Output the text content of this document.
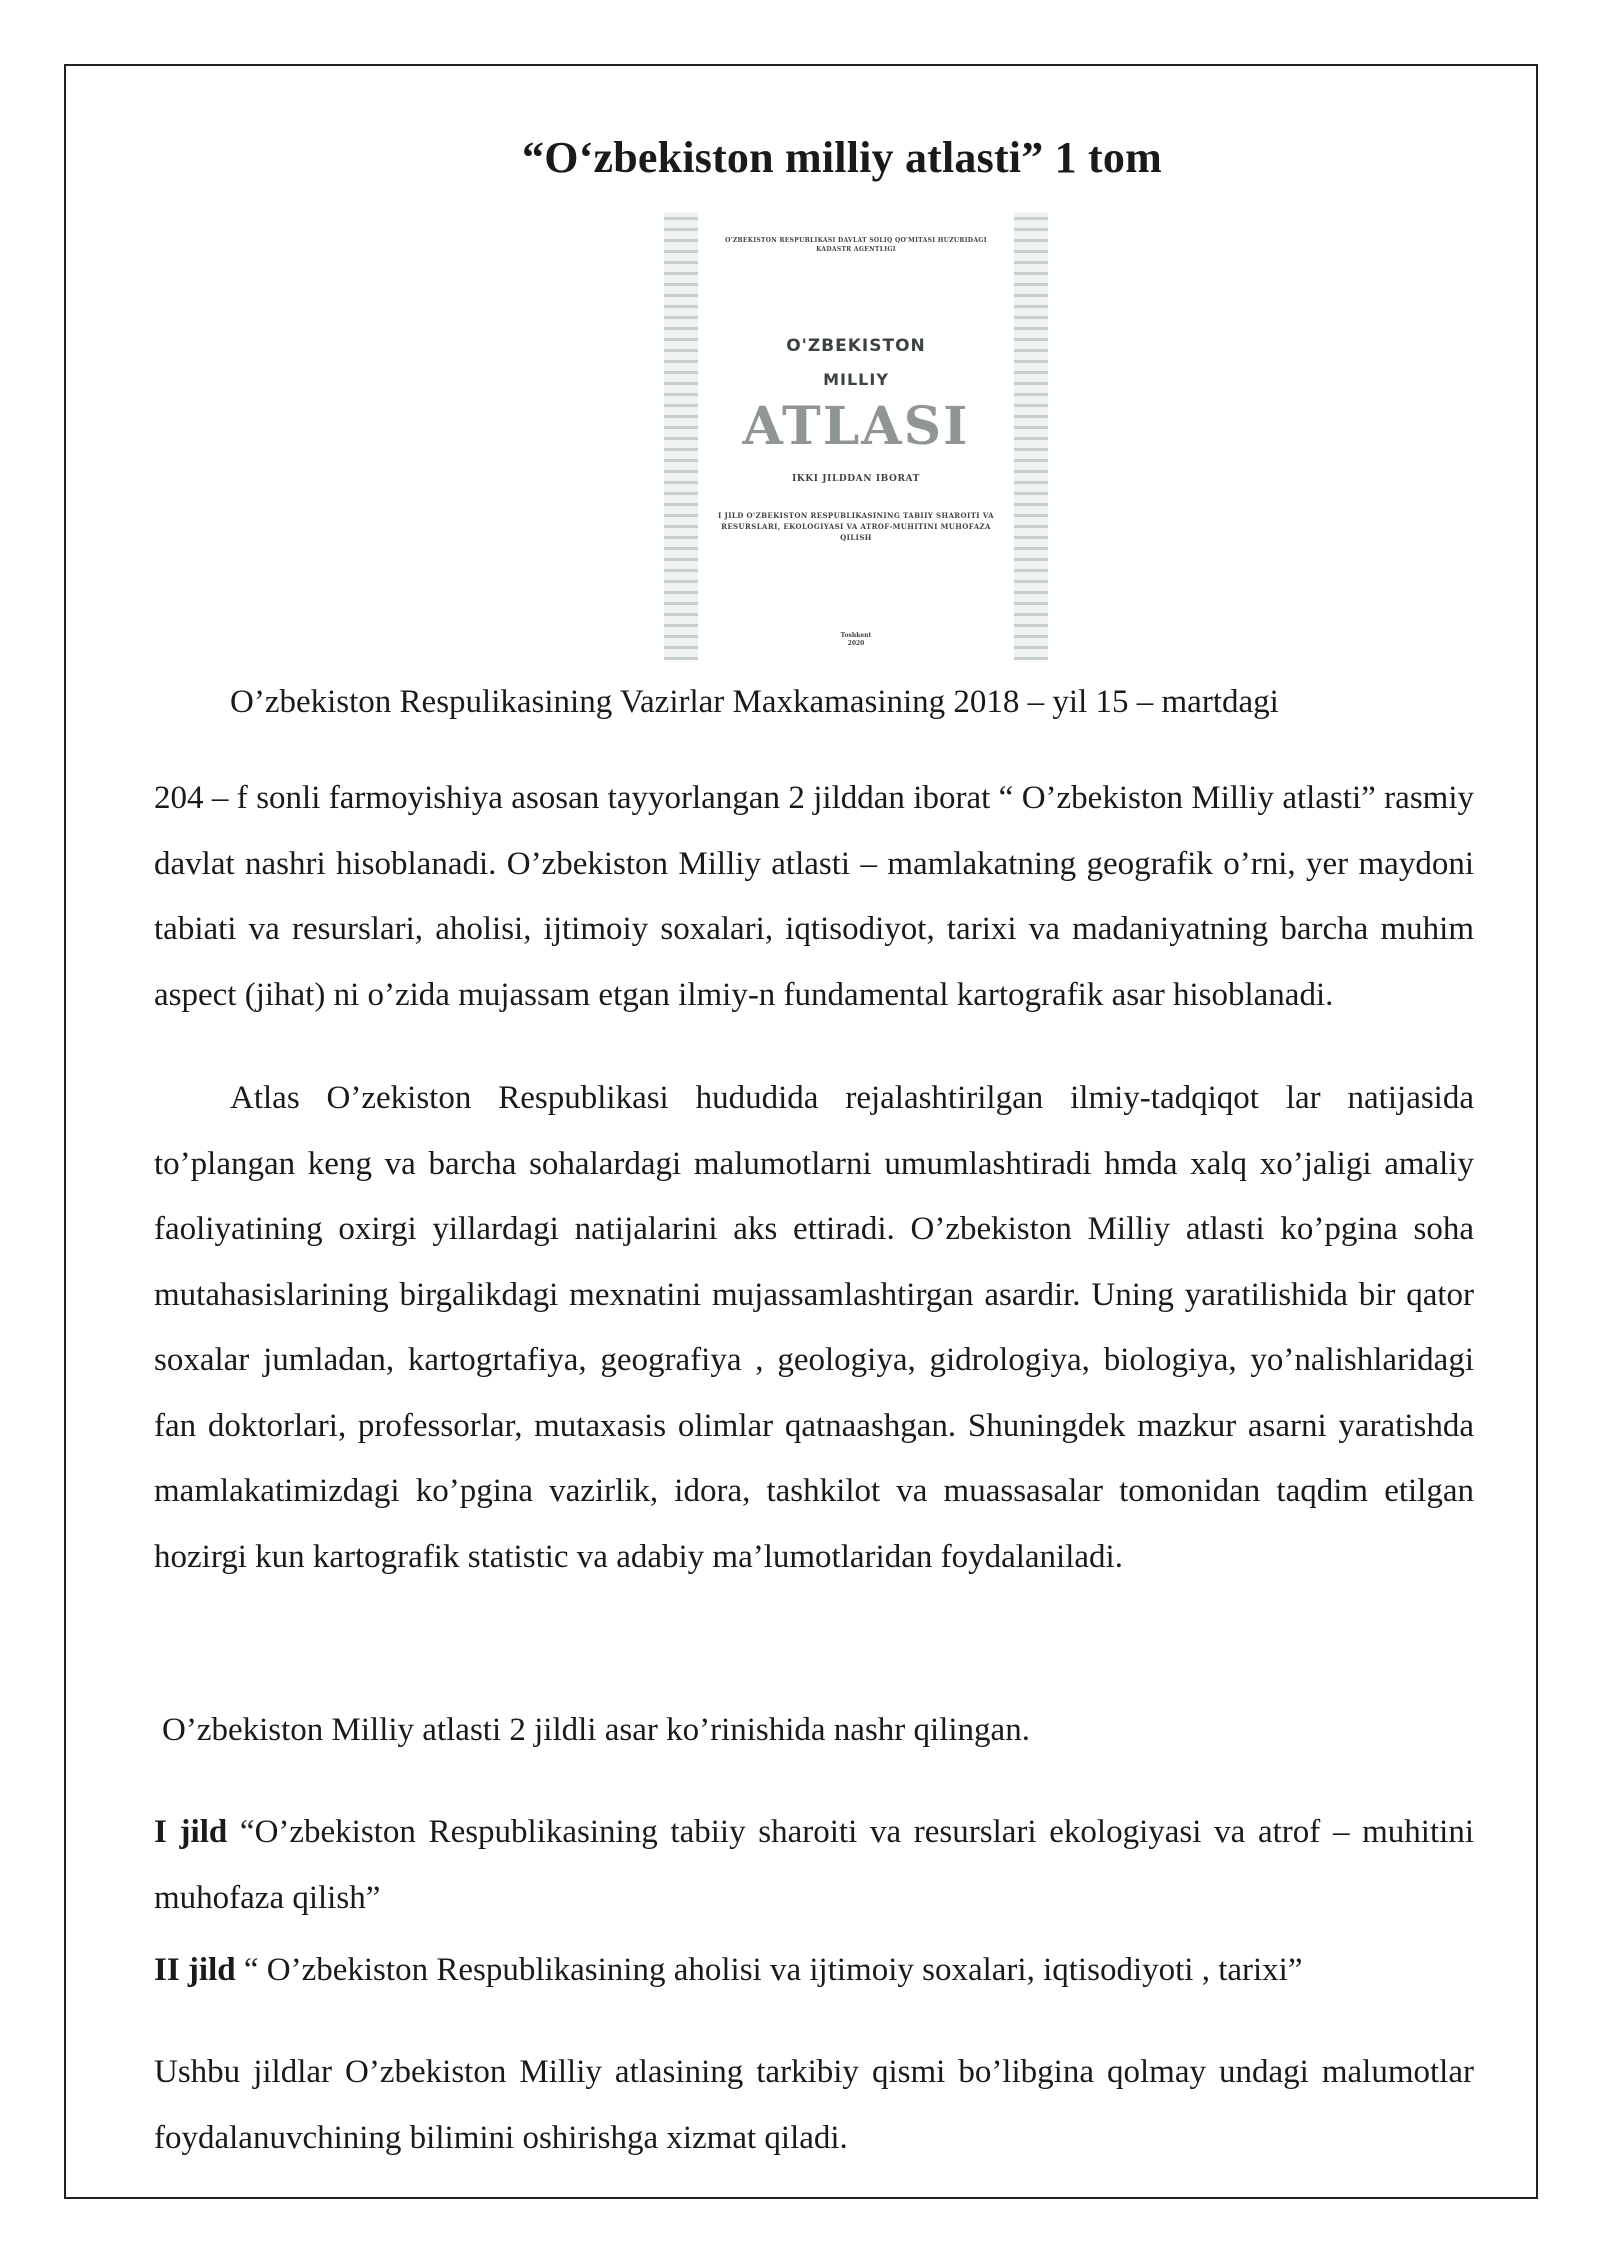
“O‘zbekiston milliy atlasti” 1 tom
O'ZBEKISTON RESPUBLIKASI DAVLAT SOLIQ QO'MITASI HUZURIDAGI KADASTR AGENTLIGI
O'ZBEKISTON
MILLIY
ATLASI
IKKI JILDDAN IBORAT
I JILD O'ZBEKISTON RESPUBLIKASINING TABIIY SHAROITI VA RESURSLARI, EKOLOGIYASI VA ATROF-MUHITINI MUHOFAZA QILISH
Toshkent
2020
O’zbekiston Respulikasining Vazirlar Maxkamasining 2018 – yil 15 – martdagi
204 – f sonli farmoyishiya asosan tayyorlangan 2 jilddan iborat “ O’zbekiston Milliy atlasti” rasmiy davlat nashri hisoblanadi. O’zbekiston Milliy atlasti – mamlakatning geografik o’rni, yer maydoni tabiati va resurslari, aholisi, ijtimoiy soxalari, iqtisodiyot, tarixi va madaniyatning barcha muhim aspect (jihat) ni o’zida mujassam etgan ilmiy-n fundamental kartografik asar hisoblanadi.
Atlas O’zekiston Respublikasi hududida rejalashtirilgan ilmiy-tadqiqot lar natijasida to’plangan keng va barcha sohalardagi malumotlarni umumlashtiradi hmda xalq xo’jaligi amaliy faoliyatining oxirgi yillardagi natijalarini aks ettiradi. O’zbekiston Milliy atlasti ko’pgina soha mutahasislarining birgalikdagi mexnatini mujassamlashtirgan asardir. Uning yaratilishida bir qator soxalar jumladan, kartogrtafiya, geografiya , geologiya, gidrologiya, biologiya, yo’nalishlaridagi fan doktorlari, professorlar, mutaxasis olimlar qatnaashgan. Shuningdek mazkur asarni yaratishda mamlakatimizdagi ko’pgina vazirlik, idora, tashkilot va muassasalar tomonidan taqdim etilgan hozirgi kun kartografik statistic va adabiy ma’lumotlaridan foydalaniladi.
O’zbekiston Milliy atlasti 2 jildli asar ko’rinishida nashr qilingan.
I jild “O’zbekiston Respublikasining tabiiy sharoiti va resurslari ekologiyasi va atrof – muhitini muhofaza qilish”
II jild “ O’zbekiston Respublikasining aholisi va ijtimoiy soxalari, iqtisodiyoti , tarixi”
Ushbu jildlar O’zbekiston Milliy atlasining tarkibiy qismi bo’libgina qolmay undagi malumotlar foydalanuvchining bilimini oshirishga xizmat qiladi.
